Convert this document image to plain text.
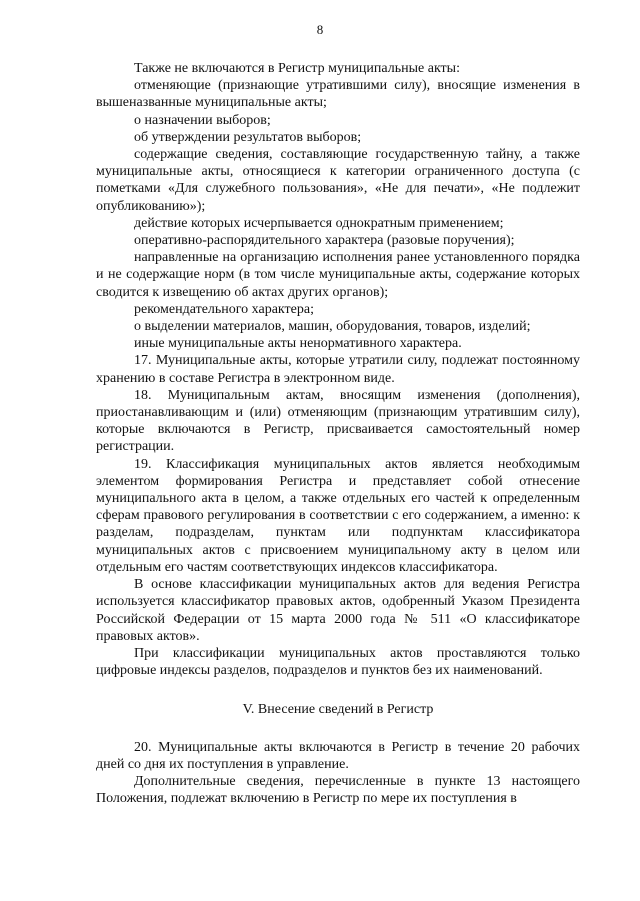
8

Также не включаются в Регистр муниципальные акты:

отменяющие (признающие утратившими силу), вносящие изменения в вышеназванные муниципальные акты;

о назначении выборов;

об утверждении результатов выборов;

содержащие сведения, составляющие государственную тайну, а также муниципальные акты, относящиеся к категории ограниченного доступа (с пометками «Для служебного пользования», «Не для печати», «Не подлежит опубликованию»);

действие которых исчерпывается однократным применением;

оперативно-распорядительного характера (разовые поручения);

направленные на организацию исполнения ранее установленного порядка и не содержащие норм (в том числе муниципальные акты, содержание которых сводится к извещению об актах других органов);

рекомендательного характера;

о выделении материалов, машин, оборудования, товаров, изделий;

иные муниципальные акты ненормативного характера.

17. Муниципальные акты, которые утратили силу, подлежат постоянному хранению в составе Регистра в электронном виде.

18. Муниципальным актам, вносящим изменения (дополнения), приостанавливающим и (или) отменяющим (признающим утратившим силу), которые включаются в Регистр, присваивается самостоятельный номер регистрации.

19. Классификация муниципальных актов является необходимым элементом формирования Регистра и представляет собой отнесение муниципального акта в целом, а также отдельных его частей к определенным сферам правового регулирования в соответствии с его содержанием, а именно: к разделам, подразделам, пунктам или подпунктам классификатора муниципальных актов с присвоением муниципальному акту в целом или отдельным его частям соответствующих индексов классификатора.

В основе классификации муниципальных актов для ведения Регистра используется классификатор правовых актов, одобренный Указом Президента Российской Федерации от 15 марта 2000 года № 511 «О классификаторе правовых актов».

При классификации муниципальных актов проставляются только цифровые индексы разделов, подразделов и пунктов без их наименований.

V. Внесение сведений в Регистр

20. Муниципальные акты включаются в Регистр в течение 20 рабочих дней со дня их поступления в управление.

Дополнительные сведения, перечисленные в пункте 13 настоящего Положения, подлежат включению в Регистр по мере их поступления в
